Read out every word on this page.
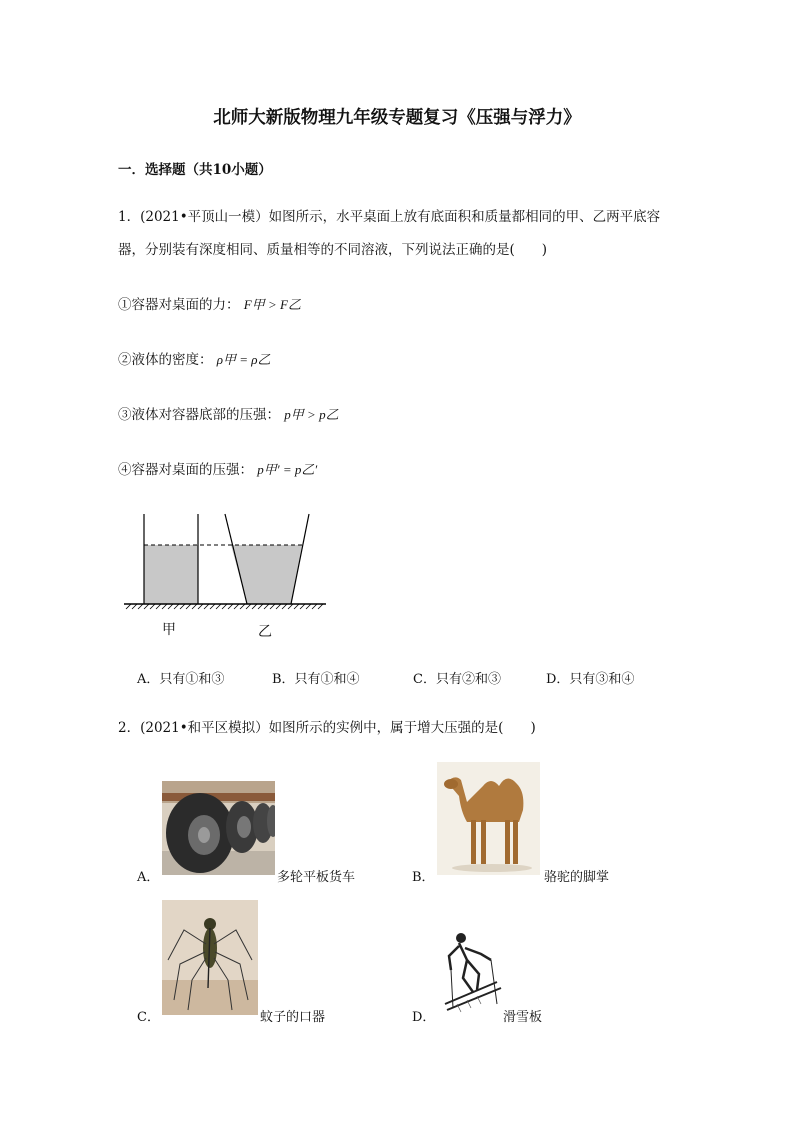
北师大新版物理九年级专题复习《压强与浮力》
一．选择题（共10小题）
1．(2021•平顶山一模）如图所示，水平桌面上放有底面积和质量都相同的甲、乙两平底容
器，分别装有深度相同、质量相等的不同溶液，下列说法正确的是(　　)
①容器对桌面的力： F甲 > F乙
②液体的密度： ρ甲 = ρ乙
③液体对容器底部的压强： p甲 > p乙
④容器对桌面的压强： p甲′ = p乙′
甲	乙
A．只有①和③	B．只有①和④	C．只有②和③	D．只有③和④
2．(2021•和平区模拟）如图所示的实例中，属于增大压强的是(　　)
A．	多轮平板货车	B．	骆驼的脚掌
C．	蚊子的口器	D．	滑雪板
